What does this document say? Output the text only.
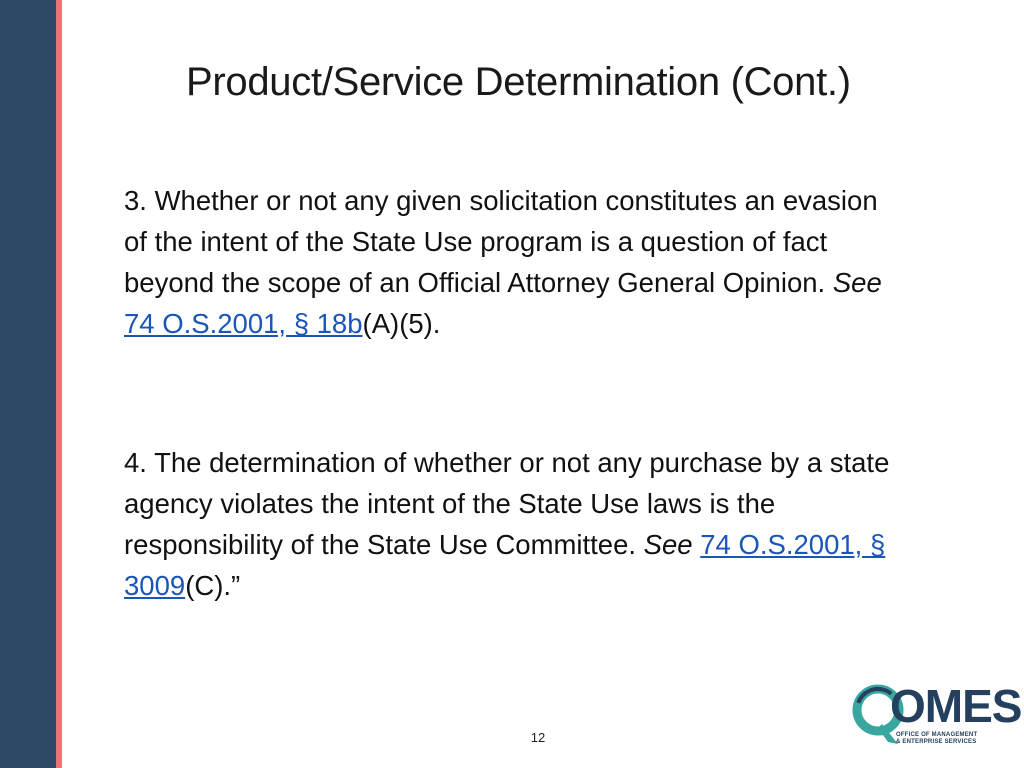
Product/Service Determination (Cont.)
3. Whether or not any given solicitation constitutes an evasion of the intent of the State Use program is a question of fact beyond the scope of an Official Attorney General Opinion. See 74 O.S.2001, § 18b(A)(5).
4. The determination of whether or not any purchase by a state agency violates the intent of the State Use laws is the responsibility of the State Use Committee. See 74 O.S.2001, § 3009(C).”
12
OMES
OFFICE OF MANAGEMENT
& ENTERPRISE SERVICES
